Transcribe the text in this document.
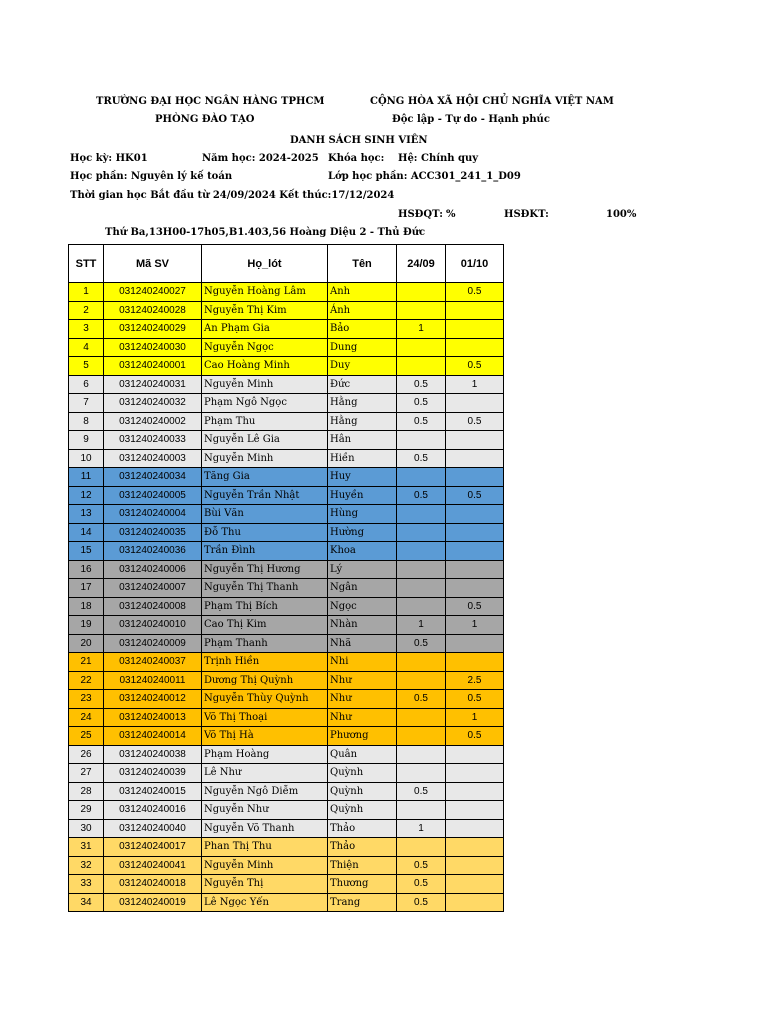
TRƯỜNG ĐẠI HỌC NGÂN HÀNG TPHCM
PHÒNG ĐÀO TẠO
CỘNG HÒA XÃ HỘI CHỦ NGHĨA VIỆT NAM
Độc lập - Tự do - Hạnh phúc
DANH SÁCH SINH VIÊN
Học kỳ: HK01	Năm học: 2024-2025 Khóa học: Hệ: Chính quy
Học phần: Nguyên lý kế toán	Lớp học phần: ACC301_241_1_D09
Thời gian học Bắt đầu từ 24/09/2024 Kết thúc:17/12/2024
HSĐQT: %	HSĐKT:	100%
Thứ Ba,13H00-17h05,B1.403,56 Hoàng Diệu 2 - Thủ Đức
STT	Mã SV	Họ_lót	Tên	24/09	01/10
1	031240240027	Nguyễn Hoàng Lâm	Anh		0.5
2	031240240028	Nguyễn Thị Kim	Ánh		
3	031240240029	An Phạm Gia	Bảo	1	
4	031240240030	Nguyễn Ngọc	Dung		
5	031240240001	Cao Hoàng Minh	Duy		0.5
6	031240240031	Nguyễn Minh	Đức	0.5	1
7	031240240032	Phạm Ngô Ngọc	Hằng	0.5	
8	031240240002	Phạm Thu	Hằng	0.5	0.5
9	031240240033	Nguyễn Lê Gia	Hân		
10	031240240003	Nguyễn Minh	Hiền	0.5	
11	031240240034	Tăng Gia	Huy		
12	031240240005	Nguyễn Trần Nhật	Huyền	0.5	0.5
13	031240240004	Bùi Văn	Hùng		
14	031240240035	Đỗ Thu	Hường		
15	031240240036	Trần Đình	Khoa		
16	031240240006	Nguyễn Thị Hương	Lý		
17	031240240007	Nguyễn Thị Thanh	Ngân		
18	031240240008	Phạm Thị Bích	Ngọc		0.5
19	031240240010	Cao Thị Kim	Nhàn	1	1
20	031240240009	Phạm Thanh	Nhã	0.5	
21	031240240037	Trịnh Hiền	Nhi		
22	031240240011	Dương Thị Quỳnh	Như		2.5
23	031240240012	Nguyễn Thùy Quỳnh	Như	0.5	0.5
24	031240240013	Võ Thị Thoại	Như		1
25	031240240014	Võ Thị Hà	Phương		0.5
26	031240240038	Phạm Hoàng	Quân		
27	031240240039	Lê Như	Quỳnh		
28	031240240015	Nguyễn Ngô Diễm	Quỳnh	0.5	
29	031240240016	Nguyễn Như	Quỳnh		
30	031240240040	Nguyễn Võ Thanh	Thảo	1	
31	031240240017	Phan Thị Thu	Thảo		
32	031240240041	Nguyễn Minh	Thiện	0.5	
33	031240240018	Nguyễn Thị	Thương	0.5	
34	031240240019	Lê Ngọc Yến	Trang	0.5	
